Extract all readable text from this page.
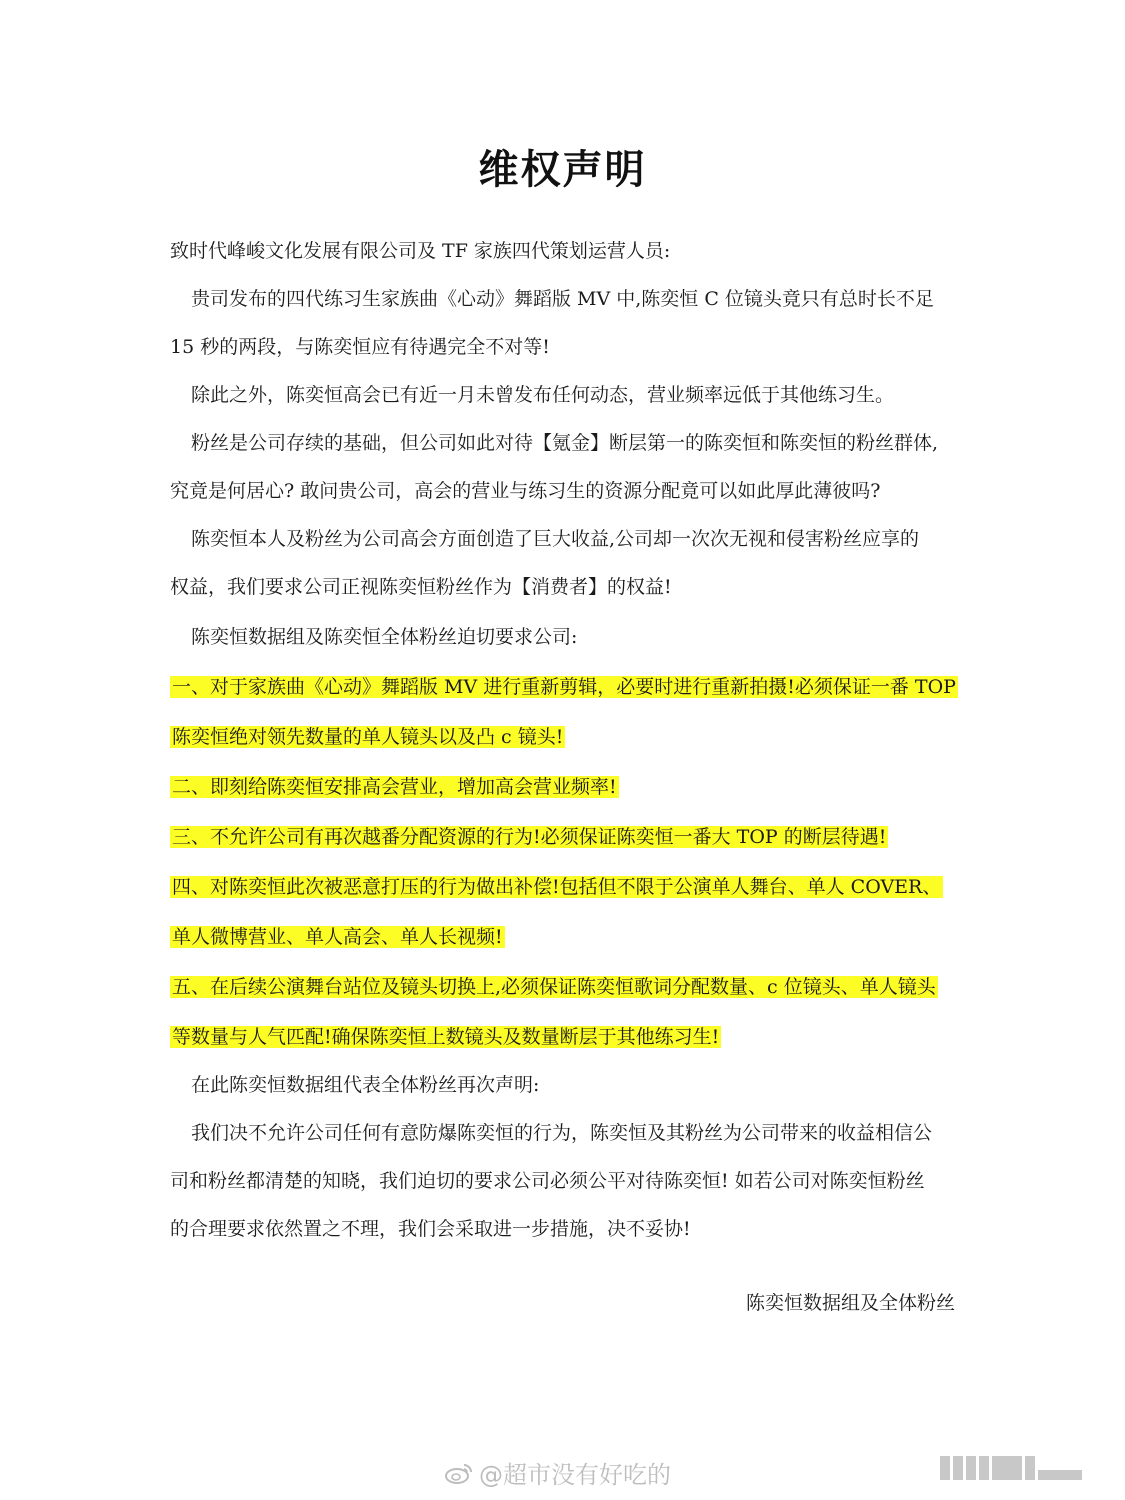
维权声明
致时代峰峻文化发展有限公司及 TF 家族四代策划运营人员:
贵司发布的四代练习生家族曲《心动》舞蹈版 MV 中,陈奕恒 C 位镜头竟只有总时长不足
15 秒的两段，与陈奕恒应有待遇完全不对等!
除此之外，陈奕恒高会已有近一月未曾发布任何动态，营业频率远低于其他练习生。
粉丝是公司存续的基础，但公司如此对待【氪金】断层第一的陈奕恒和陈奕恒的粉丝群体,
究竟是何居心? 敢问贵公司，高会的营业与练习生的资源分配竟可以如此厚此薄彼吗?
陈奕恒本人及粉丝为公司高会方面创造了巨大收益,公司却一次次无视和侵害粉丝应享的
权益，我们要求公司正视陈奕恒粉丝作为【消费者】的权益!
陈奕恒数据组及陈奕恒全体粉丝迫切要求公司:
一、对于家族曲《心动》舞蹈版 MV 进行重新剪辑，必要时进行重新拍摄!必须保证一番 TOP
陈奕恒绝对领先数量的单人镜头以及凸 c 镜头!
二、即刻给陈奕恒安排高会营业，增加高会营业频率!
三、不允许公司有再次越番分配资源的行为!必须保证陈奕恒一番大 TOP 的断层待遇!
四、对陈奕恒此次被恶意打压的行为做出补偿!包括但不限于公演单人舞台、单人 COVER、
单人微博营业、单人高会、单人长视频!
五、在后续公演舞台站位及镜头切换上,必须保证陈奕恒歌词分配数量、c 位镜头、单人镜头
等数量与人气匹配!确保陈奕恒上数镜头及数量断层于其他练习生!
在此陈奕恒数据组代表全体粉丝再次声明:
我们决不允许公司任何有意防爆陈奕恒的行为，陈奕恒及其粉丝为公司带来的收益相信公
司和粉丝都清楚的知晓，我们迫切的要求公司必须公平对待陈奕恒! 如若公司对陈奕恒粉丝
的合理要求依然置之不理，我们会采取进一步措施，决不妥协!
陈奕恒数据组及全体粉丝
@超市没有好吃的
